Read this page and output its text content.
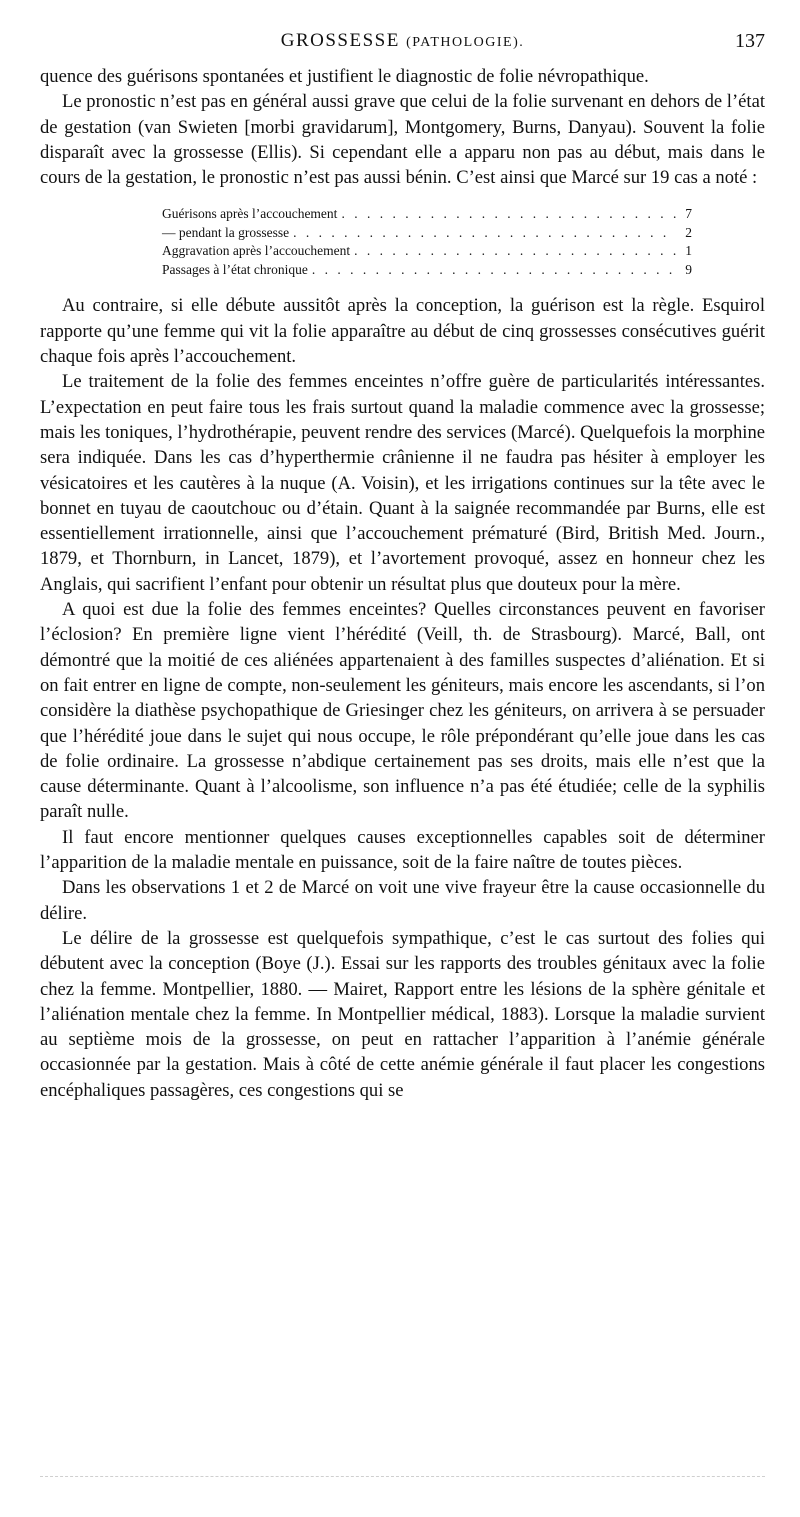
GROSSESSE (PATHOLOGIE).	137

quence des guérisons spontanées et justifient le diagnostic de folie névropathique.

Le pronostic n’est pas en général aussi grave que celui de la folie survenant en dehors de l’état de gestation (van Swieten [morbi gravidarum], Montgomery, Burns, Danyau). Souvent la folie disparaît avec la grossesse (Ellis). Si cependant elle a apparu non pas au début, mais dans le cours de la gestation, le pronostic n’est pas aussi bénin. C’est ainsi que Marcé sur 19 cas a noté :

Guérisons après l’accouchement . . .	7
— pendant la grossesse . . .	2
Aggravation après l’accouchement . . .	1
Passages à l’état chronique . . .	9

Au contraire, si elle débute aussitôt après la conception, la guérison est la règle. Esquirol rapporte qu’une femme qui vit la folie apparaître au début de cinq grossesses consécutives guérit chaque fois après l’accouchement.

Le traitement de la folie des femmes enceintes n’offre guère de particularités intéressantes. L’expectation en peut faire tous les frais surtout quand la maladie commence avec la grossesse; mais les toniques, l’hydrothérapie, peuvent rendre des services (Marcé). Quelquefois la morphine sera indiquée. Dans les cas d’hyperthermie crânienne il ne faudra pas hésiter à employer les vésicatoires et les cautères à la nuque (A. Voisin), et les irrigations continues sur la tête avec le bonnet en tuyau de caoutchouc ou d’étain. Quant à la saignée recommandée par Burns, elle est essentiellement irrationnelle, ainsi que l’accouchement prématuré (Bird, British Med. Journ., 1879, et Thornburn, in Lancet, 1879), et l’avortement provoqué, assez en honneur chez les Anglais, qui sacrifient l’enfant pour obtenir un résultat plus que douteux pour la mère.

A quoi est due la folie des femmes enceintes? Quelles circonstances peuvent en favoriser l’éclosion? En première ligne vient l’hérédité (Veill, th. de Strasbourg). Marcé, Ball, ont démontré que la moitié de ces aliénées appartenaient à des familles suspectes d’aliénation. Et si on fait entrer en ligne de compte, non-seulement les géniteurs, mais encore les ascendants, si l’on considère la diathèse psychopathique de Griesinger chez les géniteurs, on arrivera à se persuader que l’hérédité joue dans le sujet qui nous occupe, le rôle prépondérant qu’elle joue dans les cas de folie ordinaire. La grossesse n’abdique certainement pas ses droits, mais elle n’est que la cause déterminante. Quant à l’alcoolisme, son influence n’a pas été étudiée; celle de la syphilis paraît nulle.

Il faut encore mentionner quelques causes exceptionnelles capables soit de déterminer l’apparition de la maladie mentale en puissance, soit de la faire naître de toutes pièces.

Dans les observations 1 et 2 de Marcé on voit une vive frayeur être la cause occasionnelle du délire.

Le délire de la grossesse est quelquefois sympathique, c’est le cas surtout des folies qui débutent avec la conception (Boye (J.). Essai sur les rapports des troubles génitaux avec la folie chez la femme. Montpellier, 1880. — Mairet, Rapport entre les lésions de la sphère génitale et l’aliénation mentale chez la femme. In Montpellier médical, 1883). Lorsque la maladie survient au septième mois de la grossesse, on peut en rattacher l’apparition à l’anémie générale occasionnée par la gestation. Mais à côté de cette anémie générale il faut placer les congestions encéphaliques passagères, ces congestions qui se
